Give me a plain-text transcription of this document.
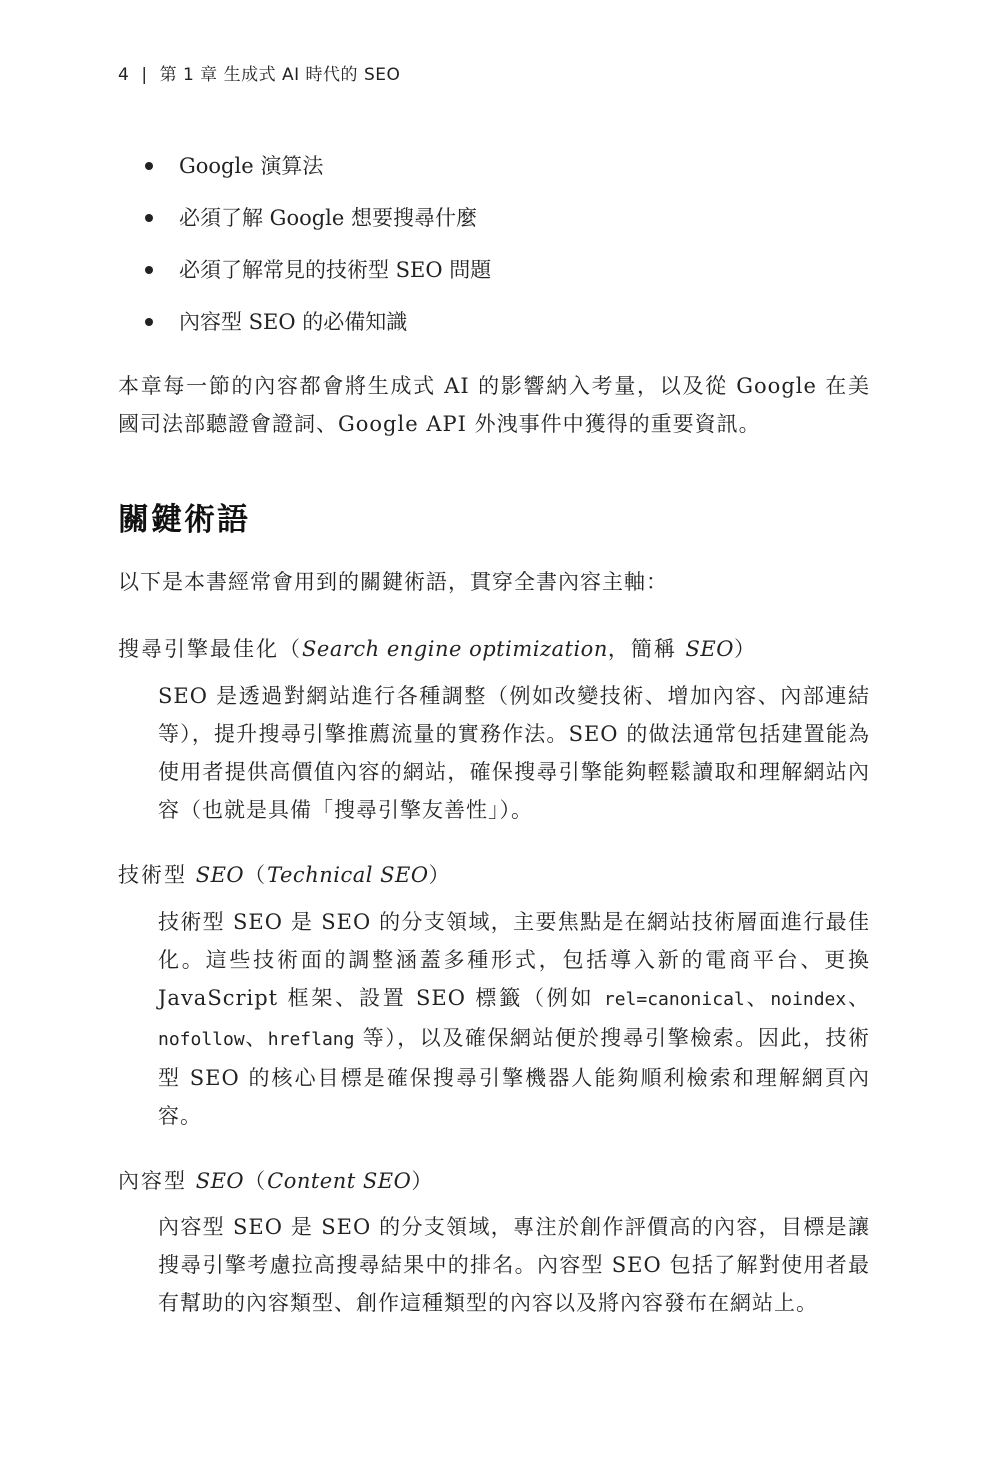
4 | 第 1 章 生成式 AI 時代的 SEO
Google 演算法
必須了解 Google 想要搜尋什麼
必須了解常見的技術型 SEO 問題
內容型 SEO 的必備知識

本章每一節的內容都會將生成式 AI 的影響納入考量，以及從 Google 在美國司法部聽證會證詞、Google API 外洩事件中獲得的重要資訊。

關鍵術語

以下是本書經常會用到的關鍵術語，貫穿全書內容主軸：

搜尋引擎最佳化（Search engine optimization，簡稱 SEO）

SEO 是透過對網站進行各種調整（例如改變技術、增加內容、內部連結等），提升搜尋引擎推薦流量的實務作法。SEO 的做法通常包括建置能為使用者提供高價值內容的網站，確保搜尋引擎能夠輕鬆讀取和理解網站內容（也就是具備「搜尋引擎友善性」）。

技術型 SEO（Technical SEO）

技術型 SEO 是 SEO 的分支領域，主要焦點是在網站技術層面進行最佳化。這些技術面的調整涵蓋多種形式，包括導入新的電商平台、更換 JavaScript 框架、設置 SEO 標籤（例如 rel=canonical、noindex、nofollow、hreflang 等），以及確保網站便於搜尋引擎檢索。因此，技術型 SEO 的核心目標是確保搜尋引擎機器人能夠順利檢索和理解網頁內容。

內容型 SEO（Content SEO）

內容型 SEO 是 SEO 的分支領域，專注於創作評價高的內容，目標是讓搜尋引擎考慮拉高搜尋結果中的排名。內容型 SEO 包括了解對使用者最有幫助的內容類型、創作這種類型的內容以及將內容發布在網站上。
